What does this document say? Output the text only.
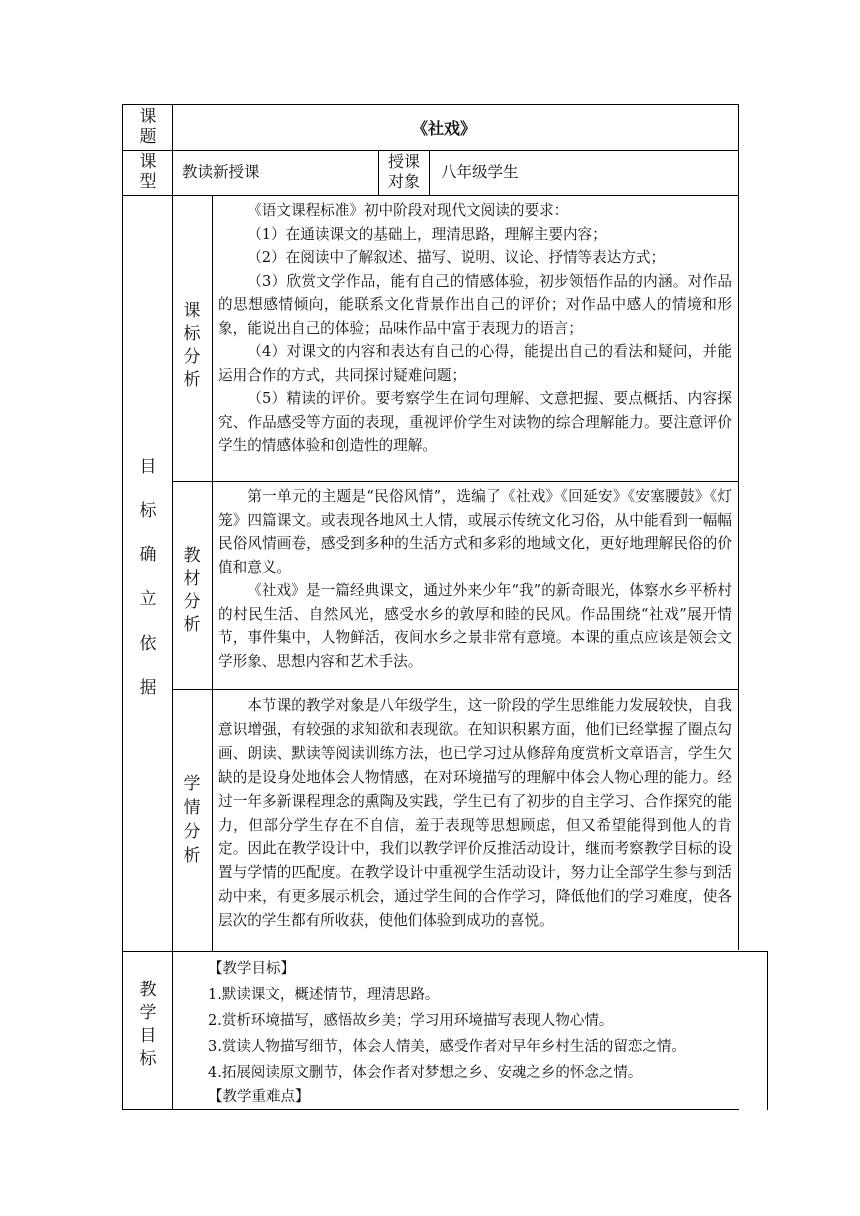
课
题	《社戏》
课
型 教读新授课
授课
对象 八年级学生
目
标
确
立
依
据
课
标
分
析

《语文课程标准》初中阶段对现代文阅读的要求：

（1）在通读课文的基础上，理清思路，理解主要内容；

（2）在阅读中了解叙述、描写、说明、议论、抒情等表达方式；

（3）欣赏文学作品，能有自己的情感体验，初步领悟作品的内涵。对作品的思想感情倾向，能联系文化背景作出自己的评价；对作品中感人的情境和形象，能说出自己的体验；品味作品中富于表现力的语言；

（4）对课文的内容和表达有自己的心得，能提出自己的看法和疑问，并能运用合作的方式，共同探讨疑难问题；

（5）精读的评价。要考察学生在词句理解、文意把握、要点概括、内容探究、作品感受等方面的表现，重视评价学生对读物的综合理解能力。要注意评价学生的情感体验和创造性的理解。

教
材
分
析

第一单元的主题是“民俗风情”，选编了《社戏》《回延安》《安塞腰鼓》《灯笼》四篇课文。或表现各地风土人情，或展示传统文化习俗，从中能看到一幅幅民俗风情画卷，感受到多种的生活方式和多彩的地域文化，更好地理解民俗的价值和意义。

《社戏》是一篇经典课文，通过外来少年“我”的新奇眼光，体察水乡平桥村的村民生活、自然风光，感受水乡的敦厚和睦的民风。作品围绕“社戏”展开情节，事件集中，人物鲜活，夜间水乡之景非常有意境。本课的重点应该是领会文学形象、思想内容和艺术手法。

学
情
分
析

本节课的教学对象是八年级学生，这一阶段的学生思维能力发展较快，自我意识增强，有较强的求知欲和表现欲。在知识积累方面，他们已经掌握了圈点勾画、朗读、默读等阅读训练方法，也已学习过从修辞角度赏析文章语言，学生欠缺的是设身处地体会人物情感，在对环境描写的理解中体会人物心理的能力。经过一年多新课程理念的熏陶及实践，学生已有了初步的自主学习、合作探究的能力，但部分学生存在不自信，羞于表现等思想顾虑，但又希望能得到他人的肯定。因此在教学设计中，我们以教学评价反推活动设计，继而考察教学目标的设置与学情的匹配度。在教学设计中重视学生活动设计，努力让全部学生参与到活动中来，有更多展示机会，通过学生间的合作学习，降低他们的学习难度，使各层次的学生都有所收获，使他们体验到成功的喜悦。

教
学
目
标
【教学目标】
1.默读课文，概述情节，理清思路。
2.赏析环境描写，感悟故乡美；学习用环境描写表现人物心情。
3.赏读人物描写细节，体会人情美，感受作者对早年乡村生活的留恋之情。
4.拓展阅读原文删节，体会作者对梦想之乡、安魂之乡的怀念之情。
【教学重难点】
